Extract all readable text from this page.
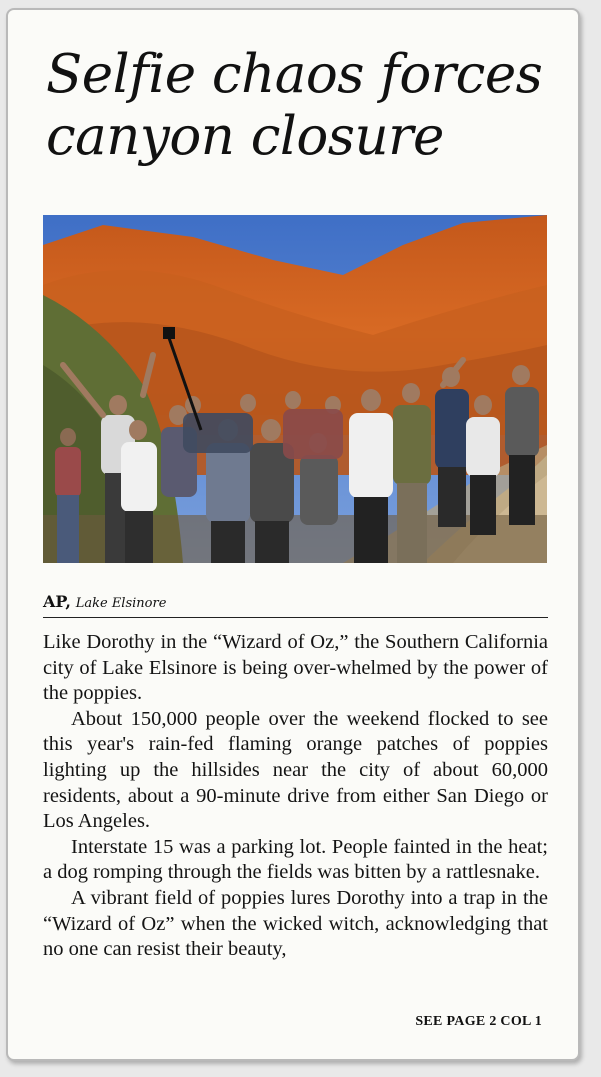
Selfie chaos forces canyon closure
AP, Lake Elsinore

Like Dorothy in the “Wizard of Oz,” the Southern California city of Lake Elsinore is being over-whelmed by the power of the poppies.

About 150,000 people over the weekend flocked to see this year's rain-fed flaming orange patches of poppies lighting up the hillsides near the city of about 60,000 residents, about a 90-minute drive from either San Diego or Los Angeles.

Interstate 15 was a parking lot. People fainted in the heat; a dog romping through the fields was bitten by a rattlesnake.

A vibrant field of poppies lures Dorothy into a trap in the “Wizard of Oz” when the wicked witch, acknowledging that no one can resist their beauty,

SEE PAGE 2 COL 1
